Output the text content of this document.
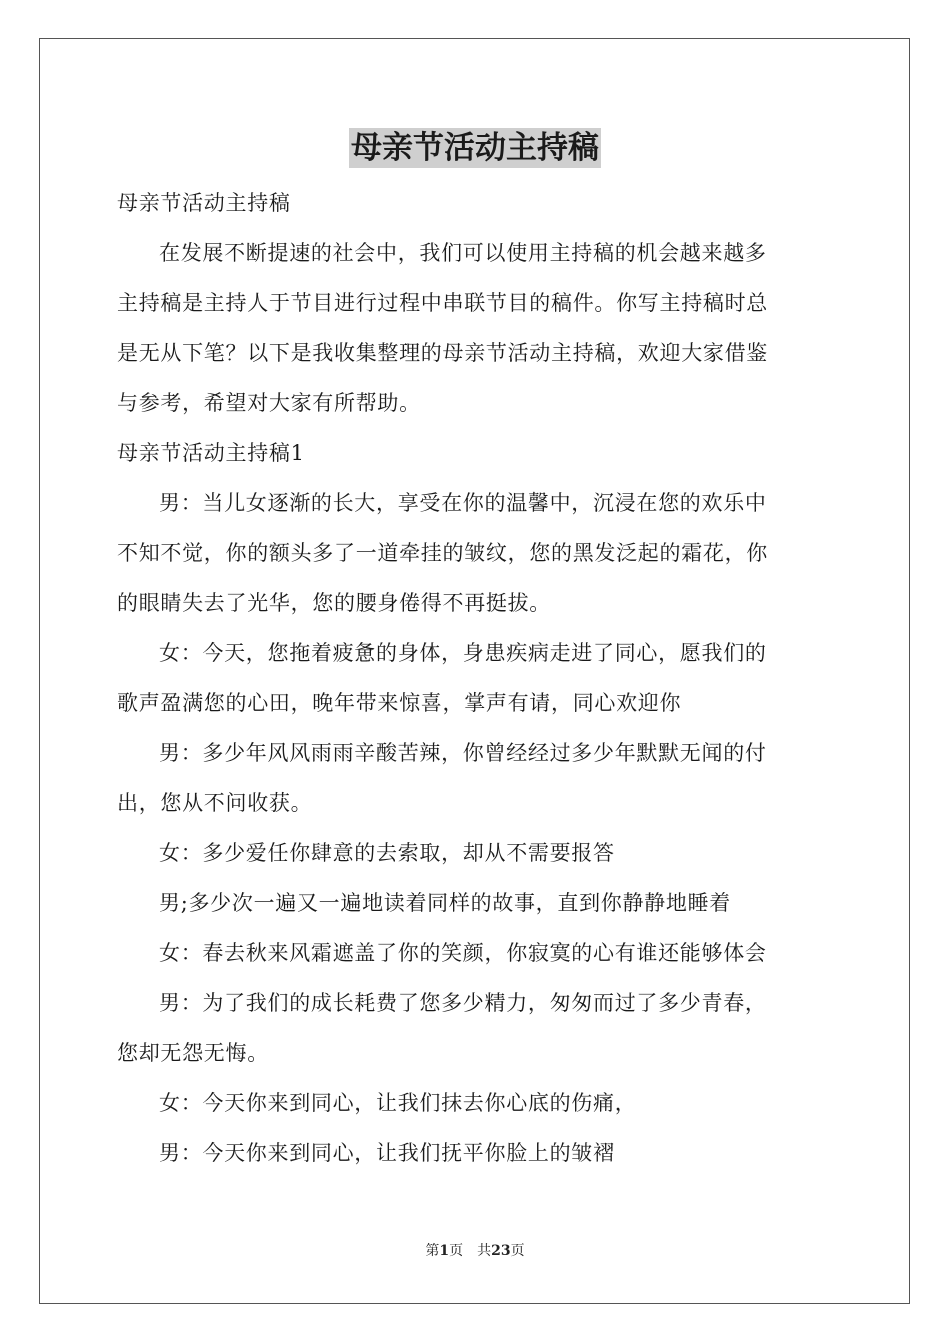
母亲节活动主持稿
母亲节活动主持稿
在发展不断提速的社会中，我们可以使用主持稿的机会越来越多
主持稿是主持人于节目进行过程中串联节目的稿件。你写主持稿时总
是无从下笔？以下是我收集整理的母亲节活动主持稿，欢迎大家借鉴
与参考，希望对大家有所帮助。
母亲节活动主持稿1
男：当儿女逐渐的长大，享受在你的温馨中，沉浸在您的欢乐中
不知不觉，你的额头多了一道牵挂的皱纹，您的黑发泛起的霜花，你
的眼睛失去了光华，您的腰身倦得不再挺拔。
女：今天，您拖着疲惫的身体，身患疾病走进了同心，愿我们的
歌声盈满您的心田，晚年带来惊喜，掌声有请，同心欢迎你
男：多少年风风雨雨辛酸苦辣，你曾经经过多少年默默无闻的付
出，您从不问收获。
女：多少爱任你肆意的去索取，却从不需要报答
男;多少次一遍又一遍地读着同样的故事，直到你静静地睡着
女：春去秋来风霜遮盖了你的笑颜，你寂寞的心有谁还能够体会
男：为了我们的成长耗费了您多少精力，匆匆而过了多少青春，
您却无怨无悔。
女：今天你来到同心，让我们抹去你心底的伤痛，
男：今天你来到同心，让我们抚平你脸上的皱褶
第1页　共23页
